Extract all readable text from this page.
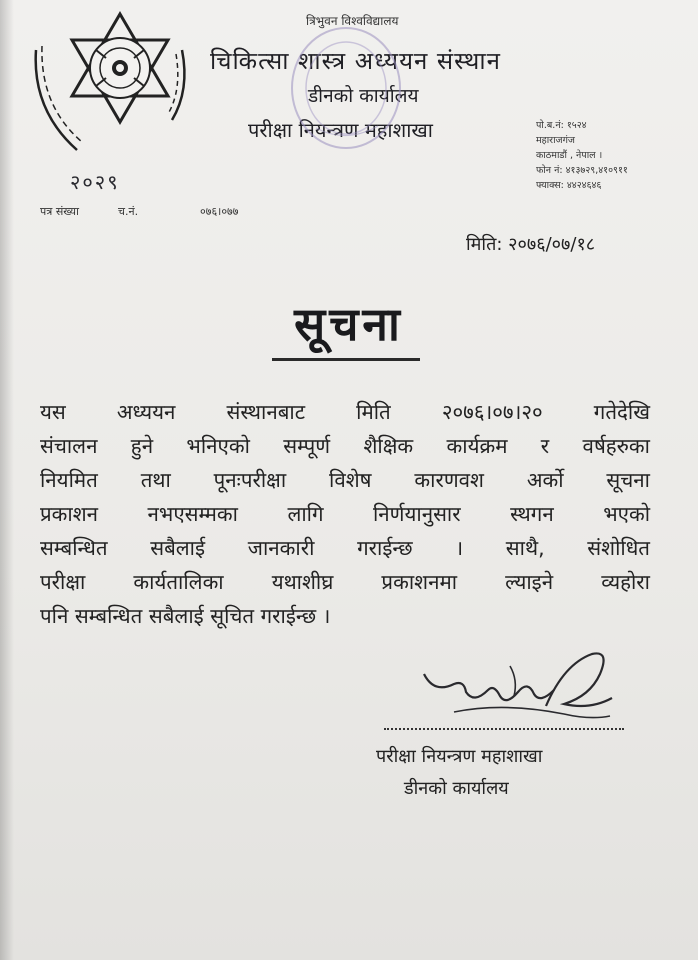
२०२९
पत्र संख्या	च.नं.	०७६।०७७
त्रिभुवन विश्वविद्यालय
चिकित्सा शास्त्र अध्ययन संस्थान
डीनको कार्यालय
परीक्षा नियन्त्रण महाशाखा	पो.ब.नं: १५२४
महाराजगंज
काठमाडौं , नेपाल ।
फोन नं: ४१३७२९,४१०९११
फ्याक्स: ४४२४६४६
मिति: २०७६/०७/१८
सूचना
यस अध्ययन संस्थानबाट मिति २०७६।०७।२० गतेदेखि
संचालन हुने भनिएको सम्पूर्ण शैक्षिक कार्यक्रम र वर्षहरुका
नियमित तथा पूनःपरीक्षा विशेष कारणवश अर्को सूचना
प्रकाशन नभएसम्मका लागि निर्णयानुसार स्थगन भएको
सम्बन्धित सबैलाई जानकारी गराईन्छ । साथै, संशोधित
परीक्षा कार्यतालिका यथाशीघ्र प्रकाशनमा ल्याइने व्यहोरा
पनि सम्बन्धित सबैलाई सूचित गराईन्छ ।
परीक्षा नियन्त्रण महाशाखा
डीनको कार्यालय
